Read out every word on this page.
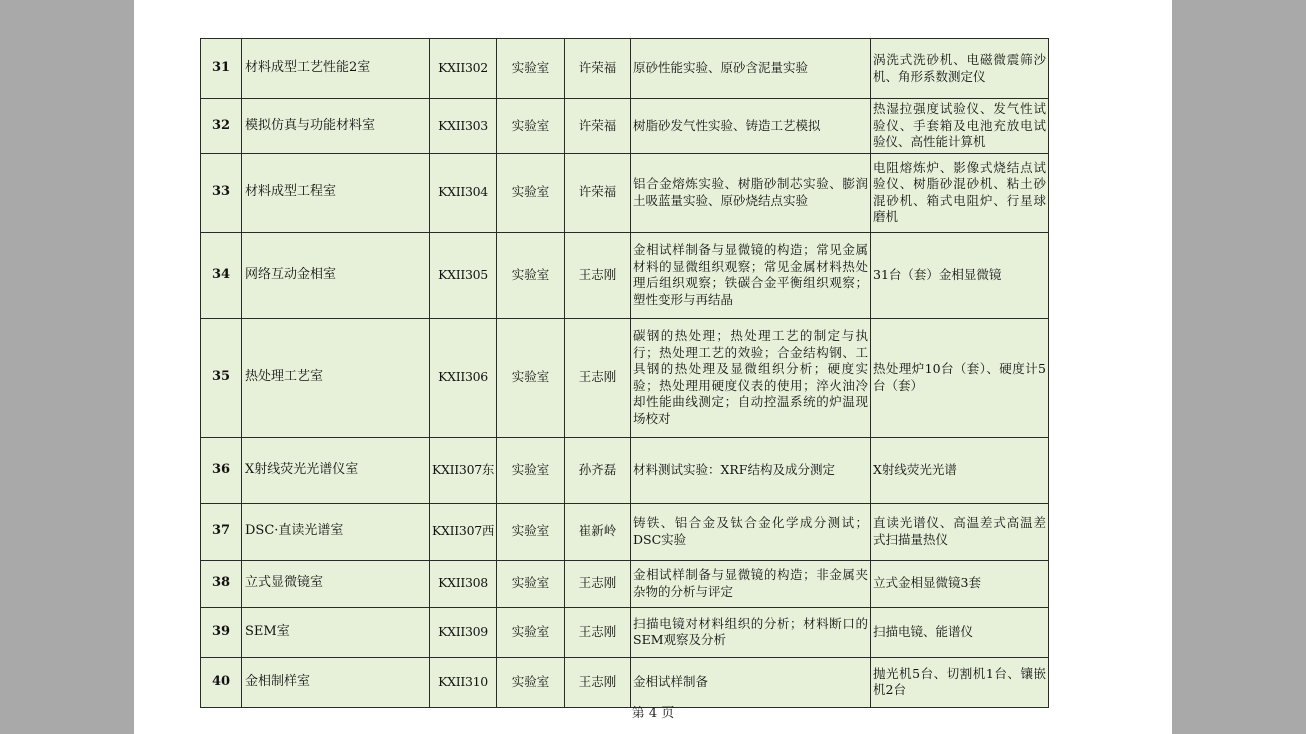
31	材料成型工艺性能2室	KXII302	实验室	许荣福	原砂性能实验、原砂含泥量实验	涡洗式洗砂机、电磁微震筛沙机、角形系数测定仪
32	模拟仿真与功能材料室	KXII303	实验室	许荣福	树脂砂发气性实验、铸造工艺模拟	热湿拉强度试验仪、发气性试验仪、手套箱及电池充放电试验仪、高性能计算机
33	材料成型工程室	KXII304	实验室	许荣福	铝合金熔炼实验、树脂砂制芯实验、膨润土吸蓝量实验、原砂烧结点实验	电阻熔炼炉、影像式烧结点试验仪、树脂砂混砂机、粘土砂混砂机、箱式电阻炉、行星球磨机
34	网络互动金相室	KXII305	实验室	王志刚	金相试样制备与显微镜的构造；常见金属材料的显微组织观察；常见金属材料热处理后组织观察；铁碳合金平衡组织观察；塑性变形与再结晶	31台（套）金相显微镜
35	热处理工艺室	KXII306	实验室	王志刚	碳钢的热处理；热处理工艺的制定与执行；热处理工艺的效验；合金结构钢、工具钢的热处理及显微组织分析；硬度实验；热处理用硬度仪表的使用；淬火油冷却性能曲线测定；自动控温系统的炉温现场校对	热处理炉10台（套）、硬度计5台（套）
36	X射线荧光光谱仪室	KXII307东	实验室	孙齐磊	材料测试实验：XRF结构及成分测定	X射线荧光光谱
37	DSC·直读光谱室	KXII307西	实验室	崔新岭	铸铁、铝合金及钛合金化学成分测试；DSC实验	直读光谱仪、高温差式高温差式扫描量热仪
38	立式显微镜室	KXII308	实验室	王志刚	金相试样制备与显微镜的构造；非金属夹杂物的分析与评定	立式金相显微镜3套
39	SEM室	KXII309	实验室	王志刚	扫描电镜对材料组织的分析；材料断口的SEM观察及分析	扫描电镜、能谱仪
40	金相制样室	KXII310	实验室	王志刚	金相试样制备	抛光机5台、切割机1台、镶嵌机2台
第 4 页
